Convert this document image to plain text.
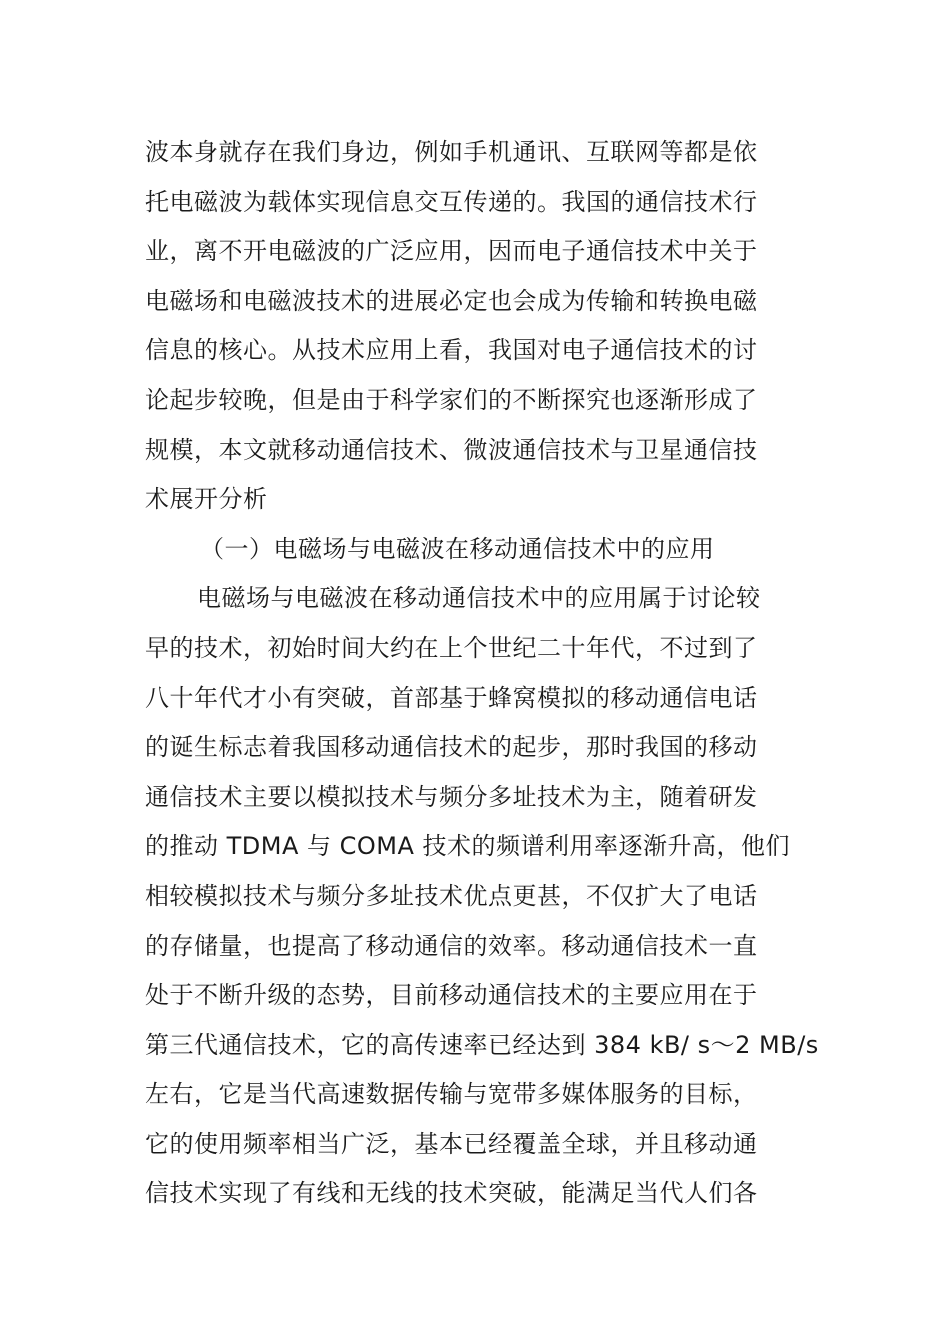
波本身就存在我们身边，例如手机通讯、互联网等都是依
托电磁波为载体实现信息交互传递的。我国的通信技术行
业，离不开电磁波的广泛应用，因而电子通信技术中关于
电磁场和电磁波技术的进展必定也会成为传输和转换电磁
信息的核心。从技术应用上看，我国对电子通信技术的讨
论起步较晚，但是由于科学家们的不断探究也逐渐形成了
规模，本文就移动通信技术、微波通信技术与卫星通信技
术展开分析
（一）电磁场与电磁波在移动通信技术中的应用
电磁场与电磁波在移动通信技术中的应用属于讨论较
早的技术，初始时间大约在上个世纪二十年代，不过到了
八十年代才小有突破，首部基于蜂窝模拟的移动通信电话
的诞生标志着我国移动通信技术的起步，那时我国的移动
通信技术主要以模拟技术与频分多址技术为主，随着研发
的推动 TDMA 与 COMA 技术的频谱利用率逐渐升高，他们
相较模拟技术与频分多址技术优点更甚，不仅扩大了电话
的存储量，也提高了移动通信的效率。移动通信技术一直
处于不断升级的态势，目前移动通信技术的主要应用在于
第三代通信技术，它的高传速率已经达到 384 kB/ s～2 MB/s
左右，它是当代高速数据传输与宽带多媒体服务的目标，
它的使用频率相当广泛，基本已经覆盖全球，并且移动通
信技术实现了有线和无线的技术突破，能满足当代人们各
